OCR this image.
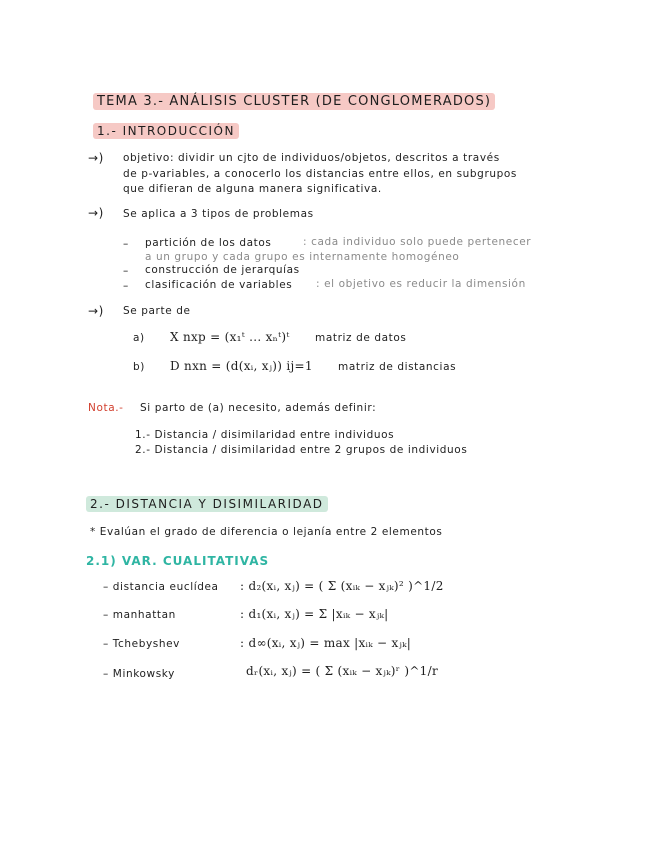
TEMA 3.- ANÁLISIS CLUSTER (DE CONGLOMERADOS)
1.- INTRODUCCIÓN
→) objetivo: dividir un cjto de individuos/objetos, descritos a través
de p-variables, a conocerlo los distancias entre ellos, en subgrupos
que difieran de alguna manera significativa.
→) Se aplica a 3 tipos de problemas
– partición de los datos	: cada individuo solo puede pertenecer
a un grupo y cada grupo es internamente homogéneo
– construcción de jerarquías
– clasificación de variables : el objetivo es reducir la dimensión
→) Se parte de
a) X nxp = (x₁ᵗ ... xₙᵗ)ᵗ matriz de datos
b) D nxn = (d(xᵢ, xⱼ)) ij=1 matriz de distancias
Nota.- Si parto de (a) necesito, además definir:
1.- Distancia / disimilaridad entre individuos
2.- Distancia / disimilaridad entre 2 grupos de individuos
2.- DISTANCIA Y DISIMILARIDAD
* Evalúan el grado de diferencia o lejanía entre 2 elementos
2.1) VAR. CUALITATIVAS
– distancia euclídea : d₂(xᵢ, xⱼ) = ( Σ (xᵢₖ − xⱼₖ)² )^1/2
– manhattan	: d₁(xᵢ, xⱼ) = Σ |xᵢₖ − xⱼₖ|
– Tchebyshev	: d∞(xᵢ, xⱼ) = max |xᵢₖ − xⱼₖ|
– Minkowsky	dᵣ(xᵢ, xⱼ) = ( Σ (xᵢₖ − xⱼₖ)ʳ )^1/r
